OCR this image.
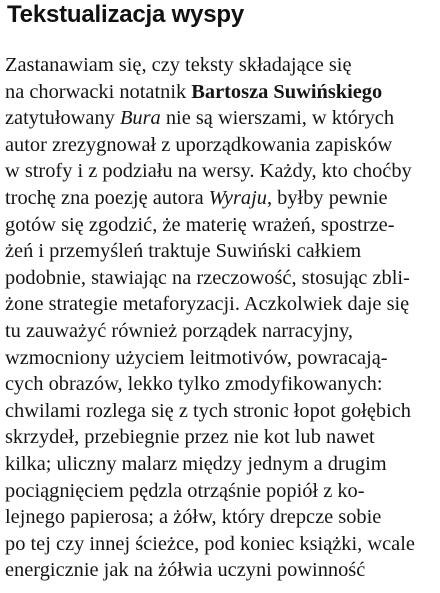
Tekstualizacja wyspy
Zastanawiam się, czy teksty składające się
na chorwacki notatnik Bartosza Suwińskiego
zatytułowany Bura nie są wierszami, w których
autor zrezygnował z uporządkowania zapisków
w strofy i z podziału na wersy. Każdy, kto choćby
trochę zna poezję autora Wyraju, byłby pewnie
gotów się zgodzić, że materię wrażeń, spostrze-
żeń i przemyśleń traktuje Suwiński całkiem
podobnie, stawiając na rzeczowość, stosując zbli-
żone strategie metaforyzacji. Aczkolwiek daje się
tu zauważyć również porządek narracyjny,
wzmocniony użyciem leitmotivów, powracają-
cych obrazów, lekko tylko zmodyfikowanych:
chwilami rozlega się z tych stronic łopot gołębich
skrzydeł, przebiegnie przez nie kot lub nawet
kilka; uliczny malarz między jednym a drugim
pociągnięciem pędzla otrząśnie popiół z ko-
lejnego papierosa; a żółw, który drepcze sobie
po tej czy innej ścieżce, pod koniec książki, wcale
energicznie jak na żółwia uczyni powinność
